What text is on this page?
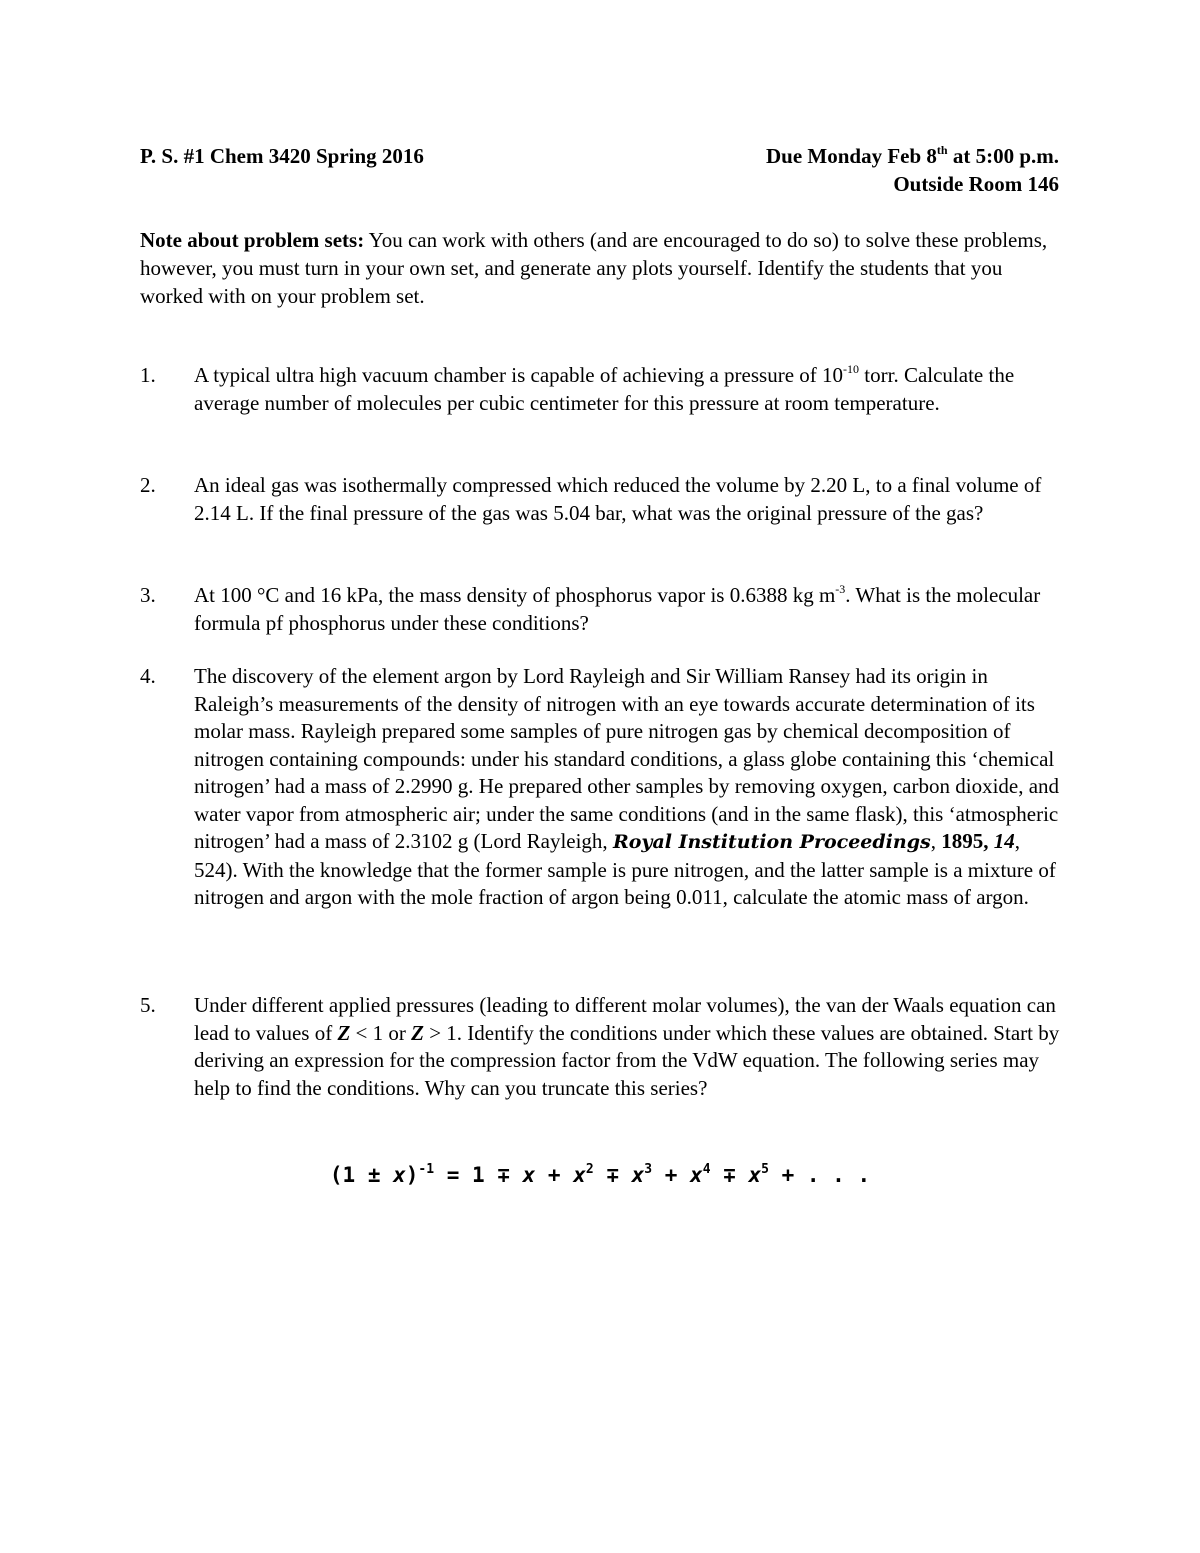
P. S. #1 Chem 3420 Spring 2016	Due Monday Feb 8th at 5:00 p.m.
Outside Room 146
Note about problem sets: You can work with others (and are encouraged to do so) to solve these problems, however, you must turn in your own set, and generate any plots yourself. Identify the students that you worked with on your problem set.
1. A typical ultra high vacuum chamber is capable of achieving a pressure of $10^{-10}$ torr. Calculate the average number of molecules per cubic centimeter for this pressure at room temperature.
2. An ideal gas was isothermally compressed which reduced the volume by 2.20 L, to a final volume of 2.14 L. If the final pressure of the gas was 5.04 bar, what was the original pressure of the gas?
3. At 100 °C and 16 kPa, the mass density of phosphorus vapor is 0.6388 kg $m^{-3}$. What is the molecular formula pf phosphorus under these conditions?
4. The discovery of the element argon by Lord Rayleigh and Sir William Ransey had its origin in Raleigh’s measurements of the density of nitrogen with an eye towards accurate determination of its molar mass. Rayleigh prepared some samples of pure nitrogen gas by chemical decomposition of nitrogen containing compounds: under his standard conditions, a glass globe containing this ‘chemical nitrogen’ had a mass of 2.2990 g. He prepared other samples by removing oxygen, carbon dioxide, and water vapor from atmospheric air; under the same conditions (and in the same flask), this ‘atmospheric nitrogen’ had a mass of 2.3102 g (Lord Rayleigh, Royal Institution Proceedings, 1895, 14, 524). With the knowledge that the former sample is pure nitrogen, and the latter sample is a mixture of nitrogen and argon with the mole fraction of argon being 0.011, calculate the atomic mass of argon.
5. Under different applied pressures (leading to different molar volumes), the van der Waals equation can lead to values of Z < 1 or Z > 1. Identify the conditions under which these values are obtained. Start by deriving an expression for the compression factor from the VdW equation. The following series may help to find the conditions. Why can you truncate this series?
$(1 \pm x)^{-1} = 1 \mp x + x^2 \mp x^3 + x^4 \mp x^5$ + . . .
